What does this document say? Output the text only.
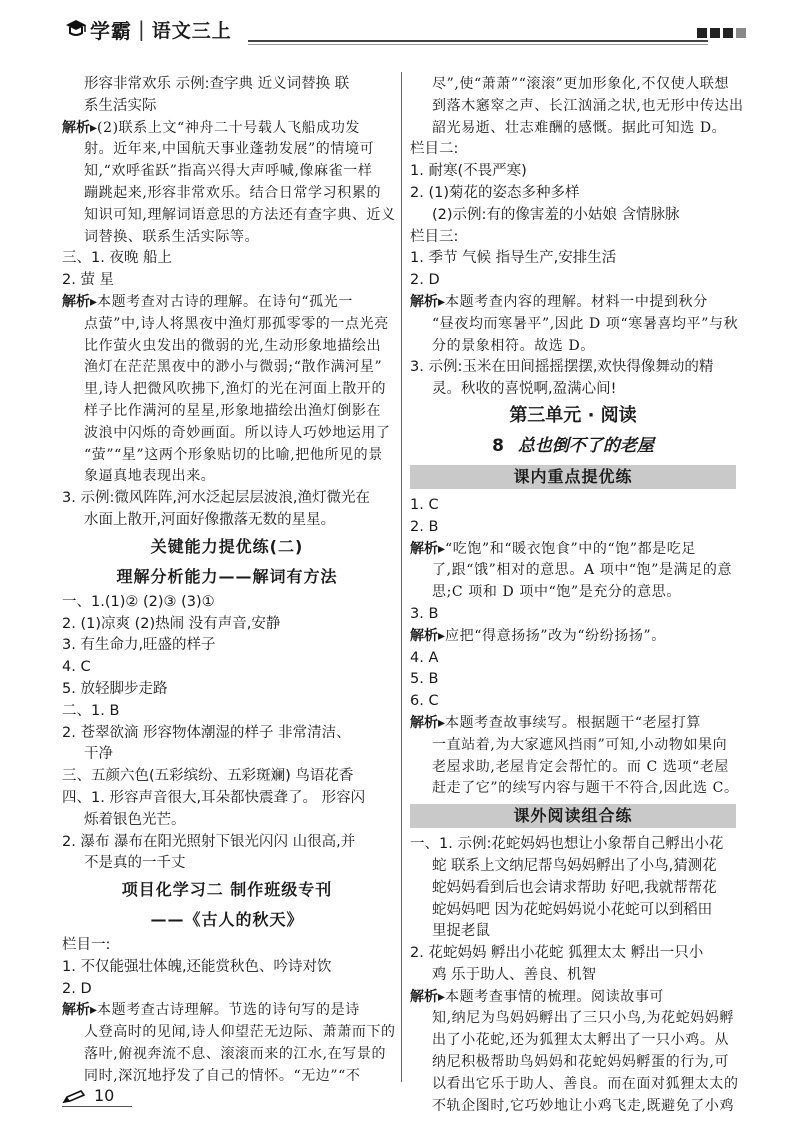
学霸 | 语文三上
形容非常欢乐 示例:查字典 近义词替换 联
系生活实际
解析▸(2)联系上文“神舟二十号载人飞船成功发
射。近年来,中国航天事业蓬勃发展”的情境可
知,“欢呼雀跃”指高兴得大声呼喊,像麻雀一样
蹦跳起来,形容非常欢乐。结合日常学习积累的
知识可知,理解词语意思的方法还有查字典、近义
词替换、联系生活实际等。
三、1. 夜晚 船上
2. 萤 星
解析▸本题考查对古诗的理解。在诗句“孤光一
点萤”中,诗人将黑夜中渔灯那孤零零的一点光亮
比作萤火虫发出的微弱的光,生动形象地描绘出
渔灯在茫茫黑夜中的渺小与微弱;“散作满河星”
里,诗人把微风吹拂下,渔灯的光在河面上散开的
样子比作满河的星星,形象地描绘出渔灯倒影在
波浪中闪烁的奇妙画面。所以诗人巧妙地运用了
“萤”“星”这两个形象贴切的比喻,把他所见的景
象逼真地表现出来。
3. 示例:微风阵阵,河水泛起层层波浪,渔灯微光在
水面上散开,河面好像撒落无数的星星。
关键能力提优练(二)
理解分析能力——解词有方法
一、1.(1)② (2)③ (3)①
2. (1)凉爽 (2)热闹 没有声音,安静
3. 有生命力,旺盛的样子
4. C
5. 放轻脚步走路
二、1. B
2. 苍翠欲滴 形容物体潮湿的样子 非常清洁、
干净
三、五颜六色(五彩缤纷、五彩斑斓) 鸟语花香
四、1. 形容声音很大,耳朵都快震聋了。 形容闪
烁着银色光芒。
2. 瀑布 瀑布在阳光照射下银光闪闪 山很高,并
不是真的一千丈
项目化学习二 制作班级专刊
——《古人的秋天》
栏目一:
1. 不仅能强壮体魄,还能赏秋色、吟诗对饮
2. D
解析▸本题考查古诗理解。节选的诗句写的是诗
人登高时的见闻,诗人仰望茫无边际、萧萧而下的
落叶,俯视奔流不息、滚滚而来的江水,在写景的
同时,深沉地抒发了自己的情怀。“无边”“不
尽”,使“萧萧”“滚滚”更加形象化,不仅使人联想
到落木窸窣之声、长江汹涌之状,也无形中传达出
韶光易逝、壮志难酬的感慨。据此可知选 D。
栏目二:
1. 耐寒(不畏严寒)
2. (1)菊花的姿态多种多样
(2)示例:有的像害羞的小姑娘 含情脉脉
栏目三:
1. 季节 气候 指导生产,安排生活
2. D
解析▸本题考查内容的理解。材料一中提到秋分
“昼夜均而寒暑平”,因此 D 项“寒暑喜均平”与秋
分的景象相符。故选 D。
3. 示例:玉米在田间摇摇摆摆,欢快得像舞动的精
灵。秋收的喜悦啊,盈满心间!
第三单元 · 阅读
8 总也倒不了的老屋
课内重点提优练
1. C
2. B
解析▸“吃饱”和“暖衣饱食”中的“饱”都是吃足
了,跟“饿”相对的意思。A 项中“饱”是满足的意
思;C 项和 D 项中“饱”是充分的意思。
3. B
解析▸应把“得意扬扬”改为“纷纷扬扬”。
4. A
5. B
6. C
解析▸本题考查故事续写。根据题干“老屋打算
一直站着,为大家遮风挡雨”可知,小动物如果向
老屋求助,老屋肯定会帮忙的。而 C 选项“老屋
赶走了它”的续写内容与题干不符合,因此选 C。
课外阅读组合练
一、1. 示例:花蛇妈妈也想让小象帮自己孵出小花
蛇 联系上文纳尼帮鸟妈妈孵出了小鸟,猜测花
蛇妈妈看到后也会请求帮助 好吧,我就帮帮花
蛇妈妈吧 因为花蛇妈妈说小花蛇可以到稻田
里捉老鼠
2. 花蛇妈妈 孵出小花蛇 狐狸太太 孵出一只小
鸡 乐于助人、善良、机智
解析▸本题考查事情的梳理。阅读故事可
知,纳尼为鸟妈妈孵出了三只小鸟,为花蛇妈妈孵
出了小花蛇,还为狐狸太太孵出了一只小鸡。从
纳尼积极帮助鸟妈妈和花蛇妈妈孵蛋的行为,可
以看出它乐于助人、善良。而在面对狐狸太太的
不轨企图时,它巧妙地让小鸡飞走,既避免了小鸡
10
